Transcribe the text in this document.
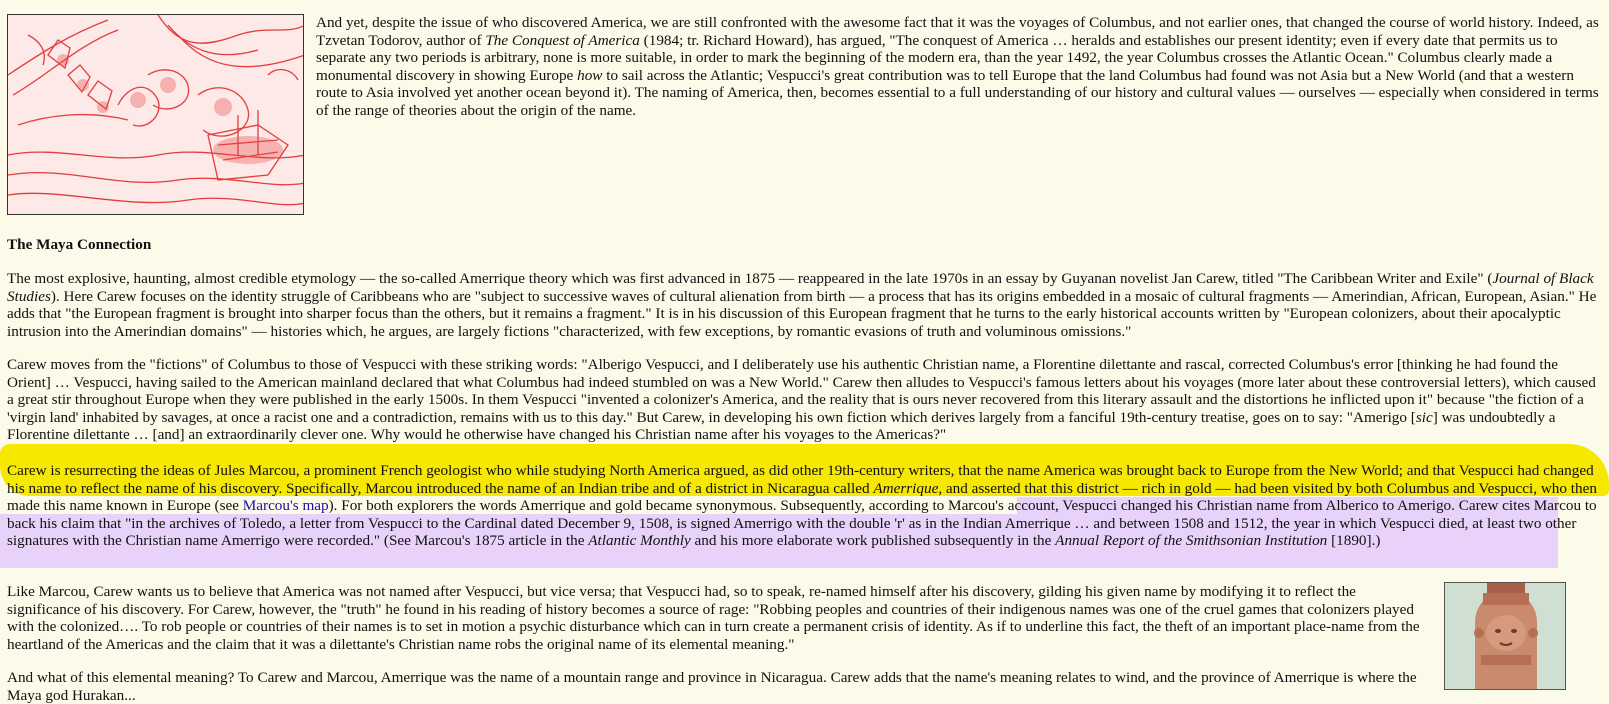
And yet, despite the issue of who discovered America, we are still confronted with the awesome fact that it was the voyages of Columbus, and not earlier ones, that changed the course of world history. Indeed, as Tzvetan Todorov, author of The Conquest of America (1984; tr. Richard Howard), has argued, "The conquest of America … heralds and establishes our present identity; even if every date that permits us to separate any two periods is arbitrary, none is more suitable, in order to mark the beginning of the modern era, than the year 1492, the year Columbus crosses the Atlantic Ocean." Columbus clearly made a monumental discovery in showing Europe how to sail across the Atlantic; Vespucci's great contribution was to tell Europe that the land Columbus had found was not Asia but a New World (and that a western route to Asia involved yet another ocean beyond it). The naming of America, then, becomes essential to a full understanding of our history and cultural values — ourselves — especially when considered in terms of the range of theories about the origin of the name.

The Maya Connection

The most explosive, haunting, almost credible etymology — the so-called Amerrique theory which was first advanced in 1875 — reappeared in the late 1970s in an essay by Guyanan novelist Jan Carew, titled "The Caribbean Writer and Exile" (Journal of Black Studies). Here Carew focuses on the identity struggle of Caribbeans who are "subject to successive waves of cultural alienation from birth — a process that has its origins embedded in a mosaic of cultural fragments — Amerindian, African, European, Asian." He adds that "the European fragment is brought into sharper focus than the others, but it remains a fragment." It is in his discussion of this European fragment that he turns to the early historical accounts written by "European colonizers, about their apocalyptic intrusion into the Amerindian domains" — histories which, he argues, are largely fictions "characterized, with few exceptions, by romantic evasions of truth and voluminous omissions."

Carew moves from the "fictions" of Columbus to those of Vespucci with these striking words: "Alberigo Vespucci, and I deliberately use his authentic Christian name, a Florentine dilettante and rascal, corrected Columbus's error [thinking he had found the Orient] … Vespucci, having sailed to the American mainland declared that what Columbus had indeed stumbled on was a New World." Carew then alludes to Vespucci's famous letters about his voyages (more later about these controversial letters), which caused a great stir throughout Europe when they were published in the early 1500s. In them Vespucci "invented a colonizer's America, and the reality that is ours never recovered from this literary assault and the distortions he inflicted upon it" because "the fiction of a 'virgin land' inhabited by savages, at once a racist one and a contradiction, remains with us to this day." But Carew, in developing his own fiction which derives largely from a fanciful 19th-century treatise, goes on to say: "Amerigo [sic] was undoubtedly a Florentine dilettante … [and] an extraordinarily clever one. Why would he otherwise have changed his Christian name after his voyages to the Americas?"

Carew is resurrecting the ideas of Jules Marcou, a prominent French geologist who while studying North America argued, as did other 19th-century writers, that the name America was brought back to Europe from the New World; and that Vespucci had changed his name to reflect the name of his discovery. Specifically, Marcou introduced the name of an Indian tribe and of a district in Nicaragua called Amerrique, and asserted that this district — rich in gold — had been visited by both Columbus and Vespucci, who then made this name known in Europe (see Marcou's map). For both explorers the words Amerrique and gold became synonymous. Subsequently, according to Marcou's account, Vespucci changed his Christian name from Alberico to Amerigo. Carew cites Marcou to back his claim that "in the archives of Toledo, a letter from Vespucci to the Cardinal dated December 9, 1508, is signed Amerrigo with the double 'r' as in the Indian Amerrique … and between 1508 and 1512, the year in which Vespucci died, at least two other signatures with the Christian name Amerrigo were recorded." (See Marcou's 1875 article in the Atlantic Monthly and his more elaborate work published subsequently in the Annual Report of the Smithsonian Institution [1890].)

Like Marcou, Carew wants us to believe that America was not named after Vespucci, but vice versa; that Vespucci had, so to speak, re-named himself after his discovery, gilding his given name by modifying it to reflect the significance of his discovery. For Carew, however, the "truth" he found in his reading of history becomes a source of rage: "Robbing peoples and countries of their indigenous names was one of the cruel games that colonizers played with the colonized…. To rob people or countries of their names is to set in motion a psychic disturbance which can in turn create a permanent crisis of identity. As if to underline this fact, the theft of an important place-name from the heartland of the Americas and the claim that it was a dilettante's Christian name robs the original name of its elemental meaning."

And what of this elemental meaning? To Carew and Marcou, Amerrique was the name of a mountain range and province in Nicaragua. Carew adds that the name's meaning relates to wind, and the province of Amerrique is where the Maya god Hurakan...
